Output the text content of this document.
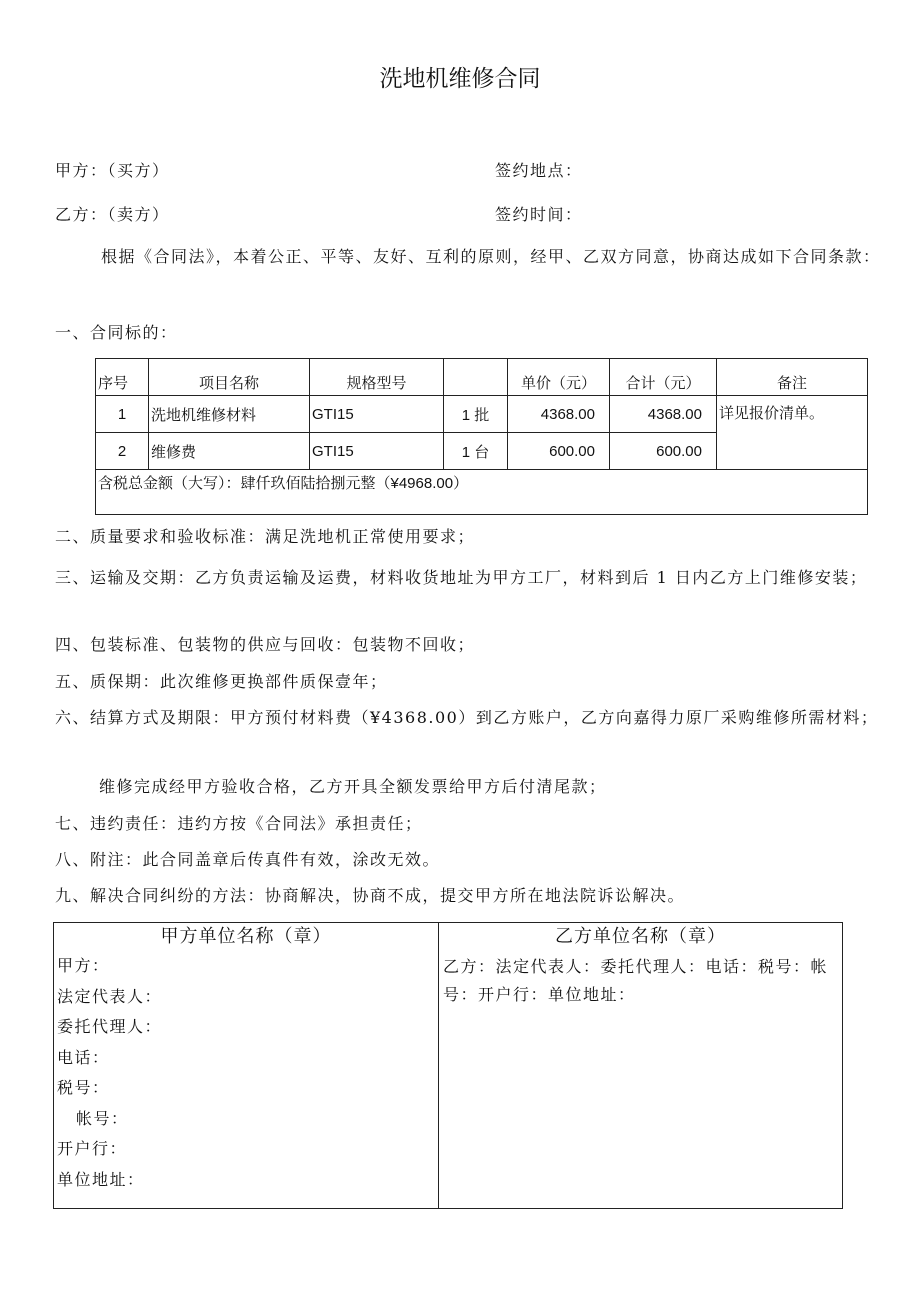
洗地机维修合同
甲方：（买方）	签约地点：
乙方：（卖方）	签约时间：
根据《合同法》，本着公正、平等、友好、互利的原则，经甲、乙双方同意，协商达成如下合同条款：
一、合同标的：
序号	项目名称	规格型号		单价（元）	合计（元）	备注
1	洗地机维修材料	GTI15	1 批	4368.00	4368.00	详见报价清单。
2	维修费	GTI15	1 台	600.00	600.00	
含税总金额（大写）：肆仟玖佰陆拾捌元整（¥4968.00）						
二、质量要求和验收标准：满足洗地机正常使用要求；
三、运输及交期：乙方负责运输及运费，材料收货地址为甲方工厂，材料到后 1 日内乙方上门维修安装；
四、包装标准、包装物的供应与回收：包装物不回收；
五、质保期：此次维修更换部件质保壹年；
六、结算方式及期限：甲方预付材料费（¥4368.00）到乙方账户，乙方向嘉得力原厂采购维修所需材料；
维修完成经甲方验收合格，乙方开具全额发票给甲方后付清尾款；
七、违约责任：违约方按《合同法》承担责任；
八、附注：此合同盖章后传真件有效，涂改无效。
九、解决合同纠纷的方法：协商解决，协商不成，提交甲方所在地法院诉讼解决。
甲方单位名称（章）
甲方：
法定代表人：
委托代理人：
电话：
税号：
帐号：
开户行：
单位地址：

乙方单位名称（章）
乙方：法定代表人：委托代理人：电话：税号：帐号：开户行：单位地址：
